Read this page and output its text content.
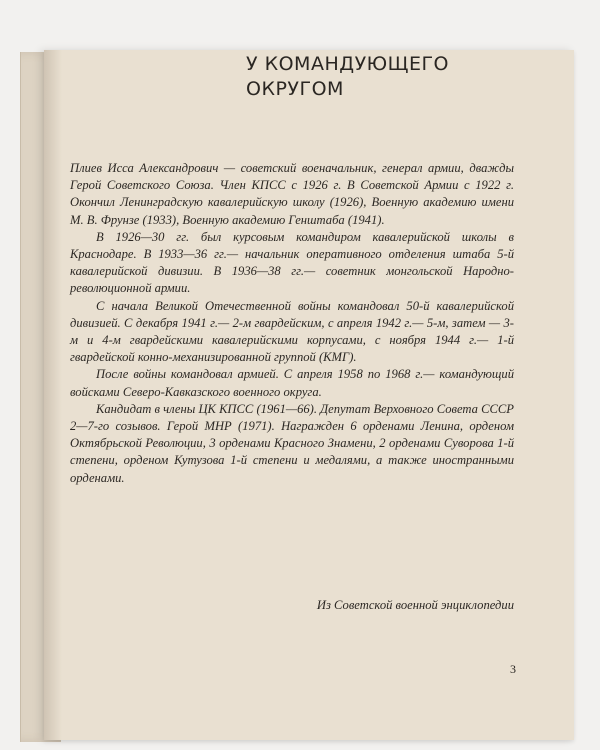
У КОМАНДУЮЩЕГО
ОКРУГОМ

Плиев Исса Александрович — советский военачальник, генерал армии, дважды Герой Советского Союза. Член КПСС с 1926 г. В Советской Армии с 1922 г. Окончил Ленинградскую кавалерийскую школу (1926), Военную академию имени М. В. Фрунзе (1933), Военную академию Генштаба (1941).

В 1926—30 гг. был курсовым командиром кавалерийской школы в Краснодаре. В 1933—36 гг.— начальник оперативного отделения штаба 5-й кавалерийской дивизии. В 1936—38 гг.— советник монгольской Народно-революционной армии.

С начала Великой Отечественной войны командовал 50-й кавалерийской дивизией. С декабря 1941 г.— 2-м гвардейским, с апреля 1942 г.— 5-м, затем — 3-м и 4-м гвардейскими кавалерийскими корпусами, с ноября 1944 г.— 1-й гвардейской конно-механизированной группой (КМГ).

После войны командовал армией. С апреля 1958 по 1968 г.— командующий войсками Северо-Кавказского военного округа.

Кандидат в члены ЦК КПСС (1961—66). Депутат Верховного Совета СССР 2—7-го созывов. Герой МНР (1971). Награжден 6 орденами Ленина, орденом Октябрьской Революции, 3 орденами Красного Знамени, 2 орденами Суворова 1-й степени, орденом Кутузова 1-й степени и медалями, а также иностранными орденами.

Из Советской военной энциклопедии

3
